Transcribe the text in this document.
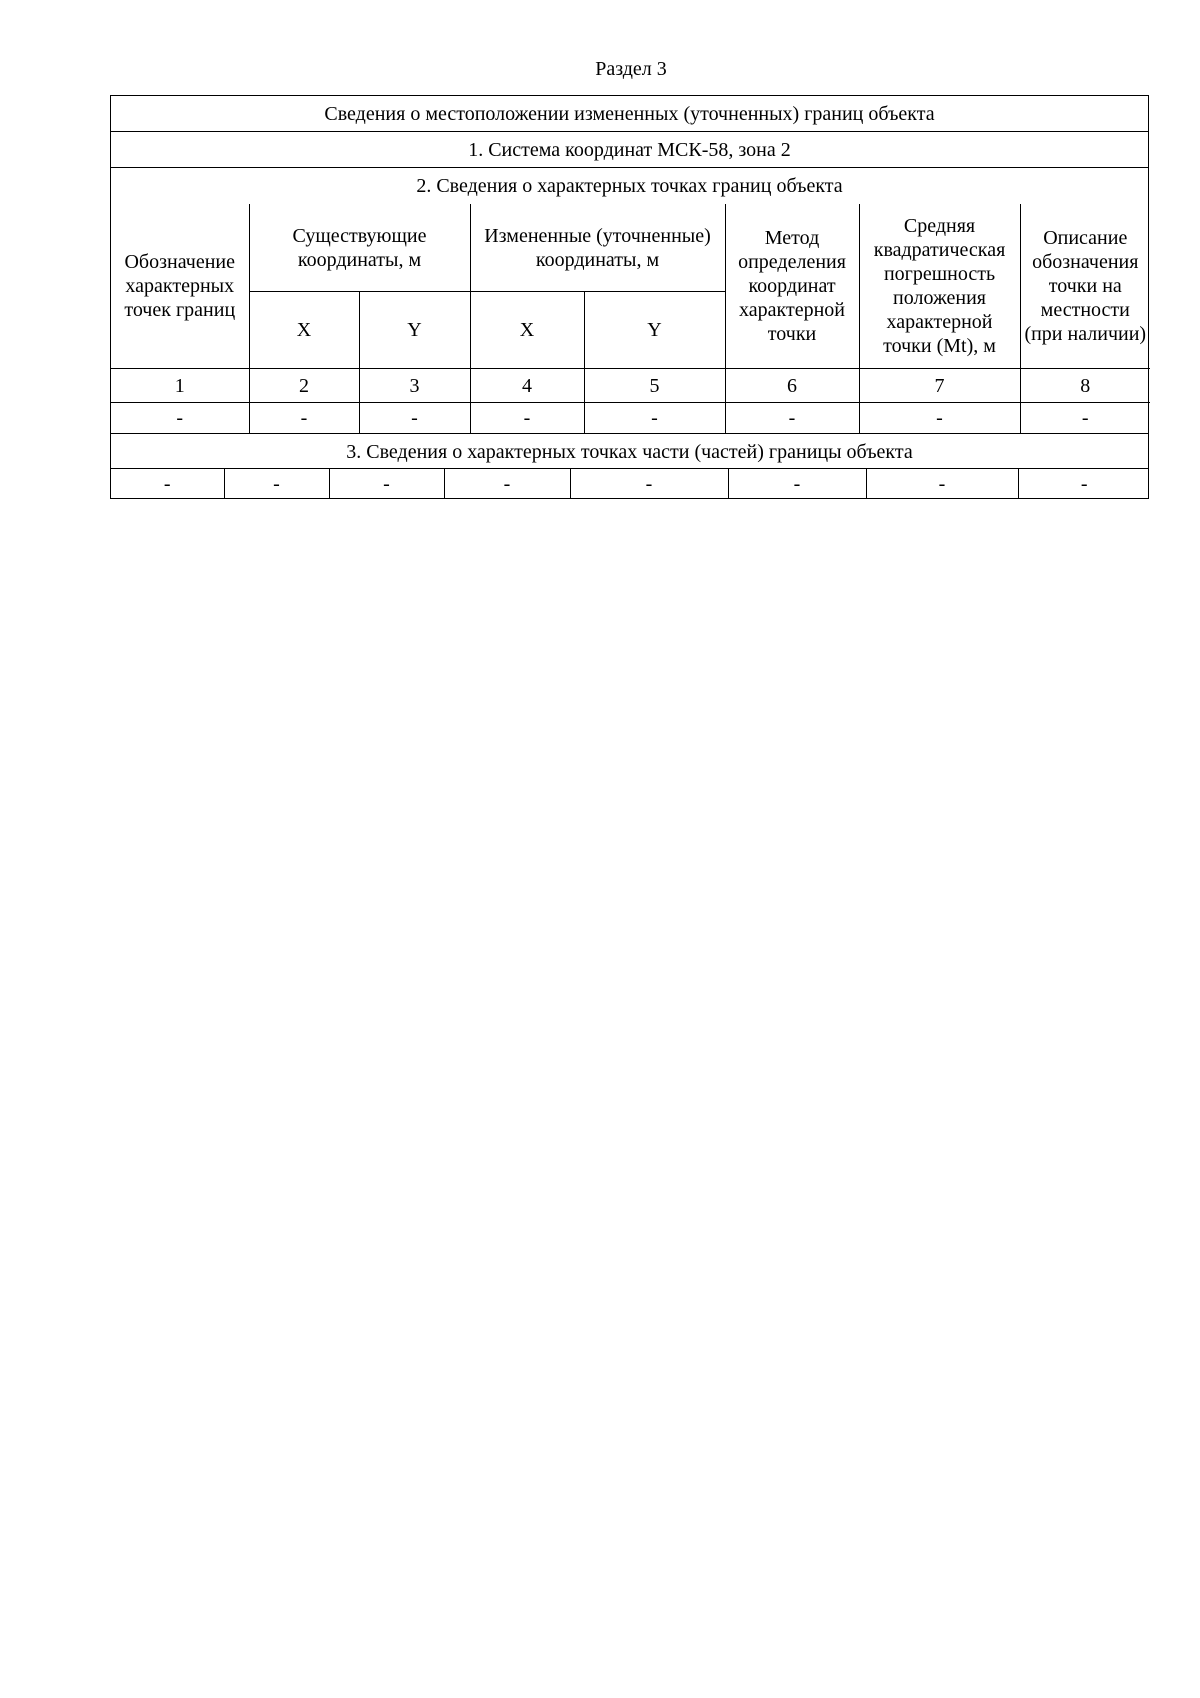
Раздел 3
Сведения о местоположении измененных (уточненных) границ объекта
1. Система координат МСК-58, зона 2
2. Сведения о характерных точках границ объекта
Обозначение характерных точек границ	Существующие координаты, м		Измененные (уточненные) координаты, м		Метод определения координат характерной точки	Средняя квадратическая погрешность положения характерной точки (Mt), м	Описание обозначения точки на местности (при наличии)
	X	Y	X	Y			
1	2	3	4	5	6	7	8
-	-	-	-	-	-	-	-
3. Сведения о характерных точках части (частей) границы объекта
-	-	-	-	-	-	-	-
